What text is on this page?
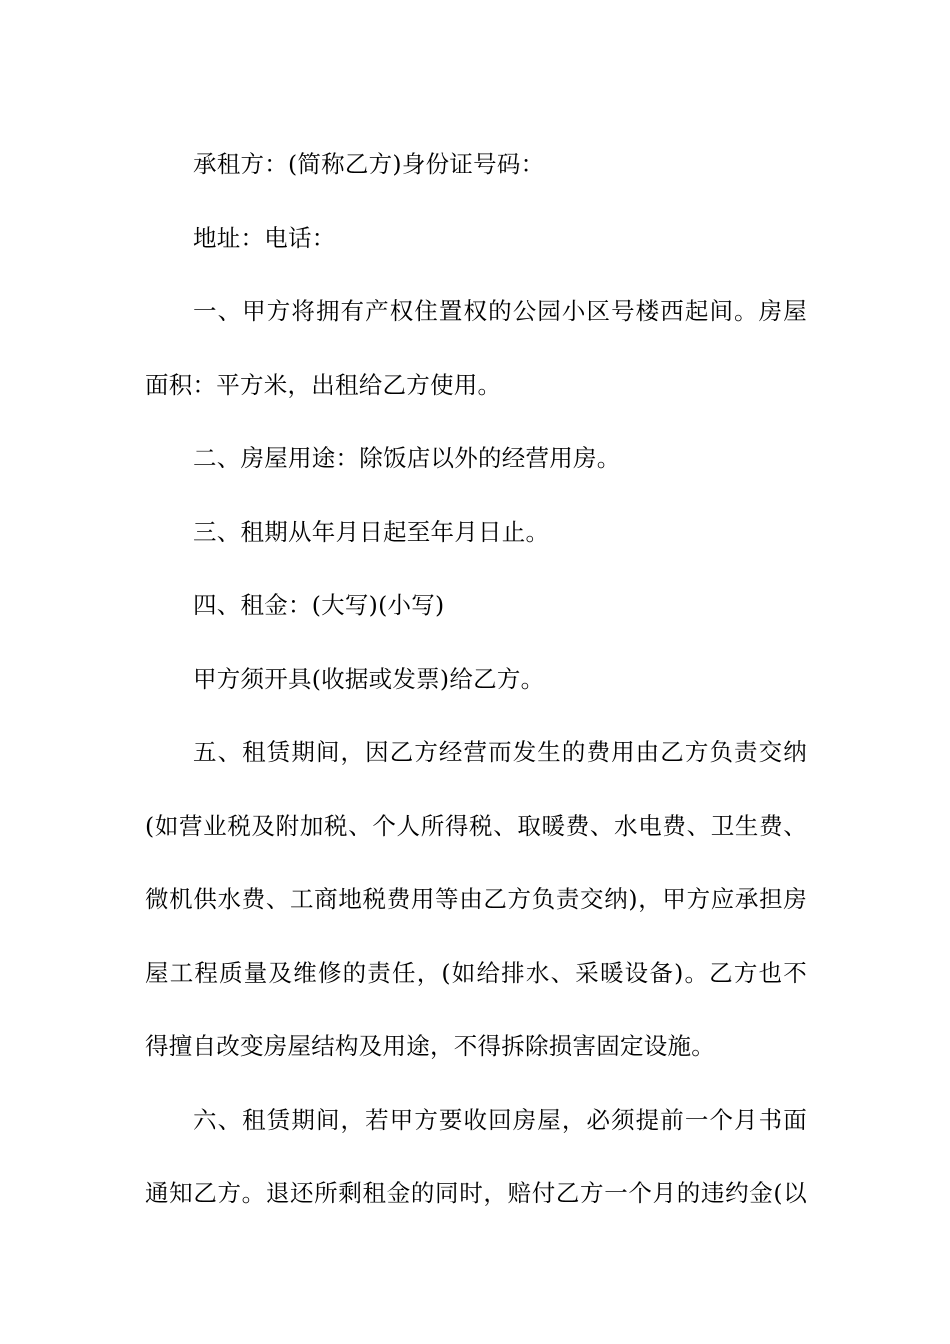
承租方：(简称乙方)身份证号码：
地址：电话：
一、甲方将拥有产权住置权的公园小区号楼西起间。房屋
面积：平方米，出租给乙方使用。
二、房屋用途：除饭店以外的经营用房。
三、租期从年月日起至年月日止。
四、租金：(大写)(小写)
甲方须开具(收据或发票)给乙方。
五、租赁期间，因乙方经营而发生的费用由乙方负责交纳
(如营业税及附加税、个人所得税、取暖费、水电费、卫生费、
微机供水费、工商地税费用等由乙方负责交纳)，甲方应承担房
屋工程质量及维修的责任，(如给排水、采暖设备)。乙方也不
得擅自改变房屋结构及用途，不得拆除损害固定设施。
六、租赁期间，若甲方要收回房屋，必须提前一个月书面
通知乙方。退还所剩租金的同时，赔付乙方一个月的违约金(以
